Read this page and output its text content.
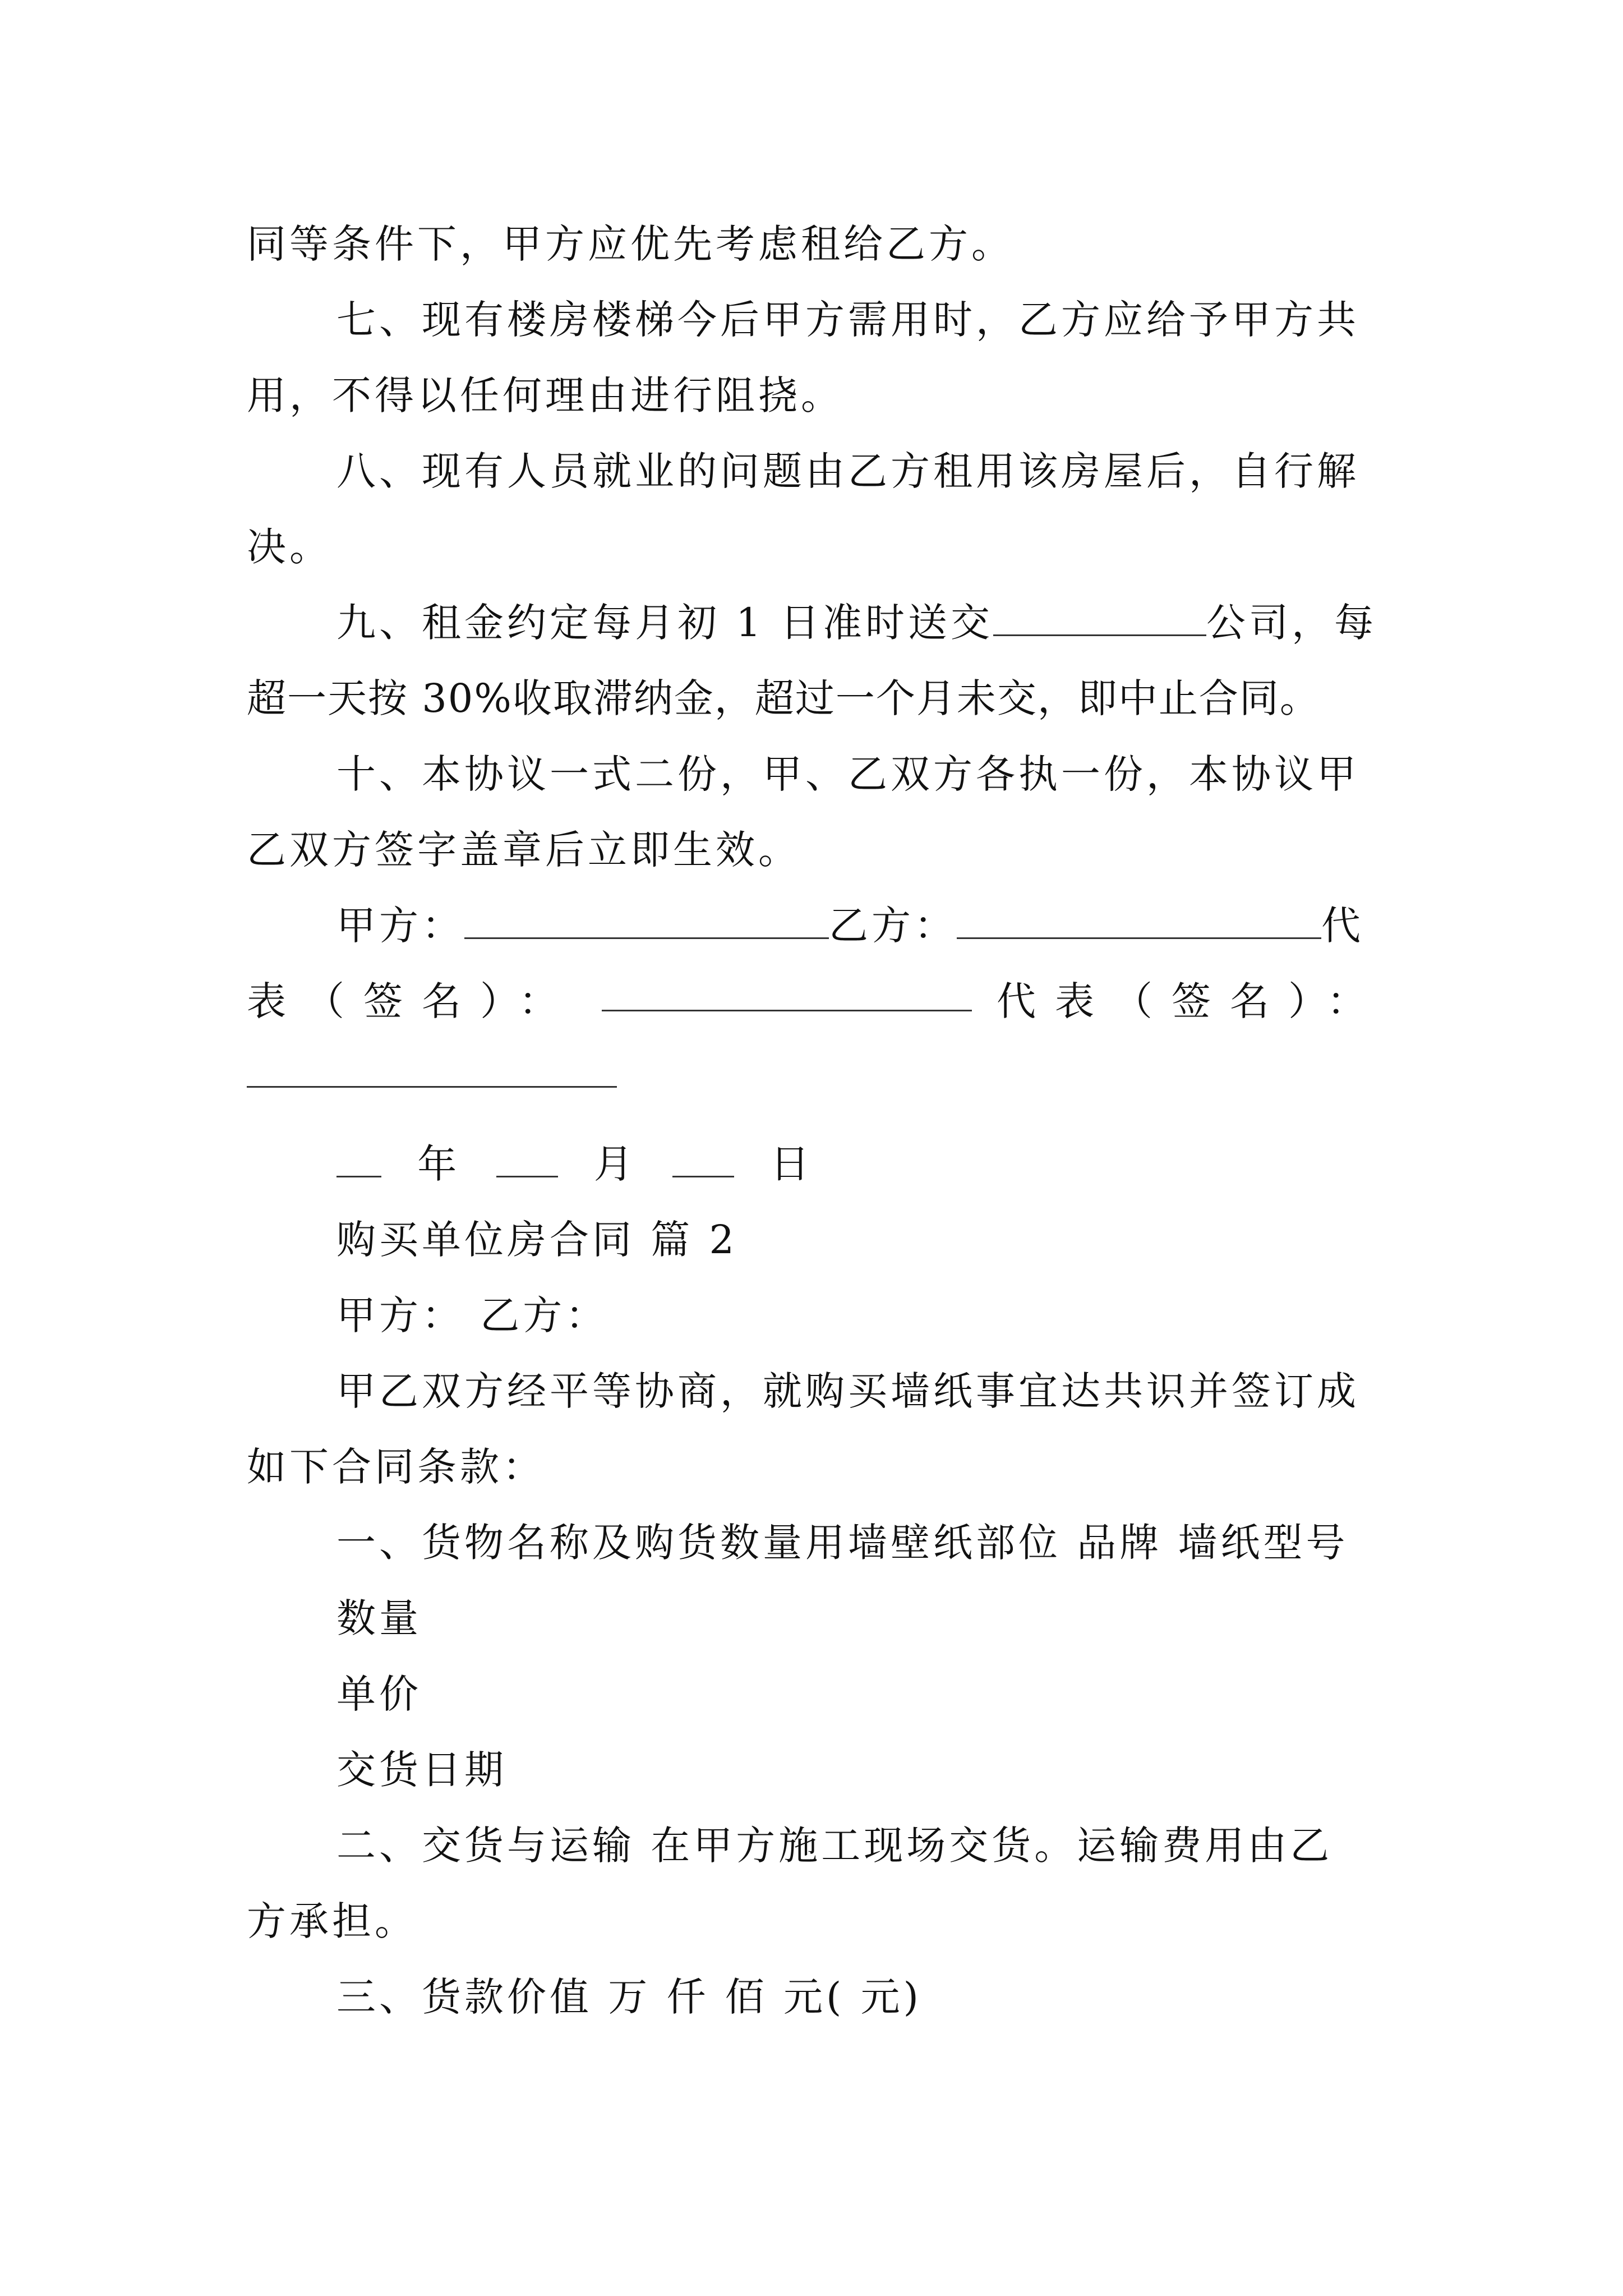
同等条件下，甲方应优先考虑租给乙方。
七、现有楼房楼梯今后甲方需用时，乙方应给予甲方共
用，不得以任何理由进行阻挠。
八、现有人员就业的问题由乙方租用该房屋后，自行解
决。
九、租金约定每月初 1 日准时送交	公司，每
超一天按 30%收取滞纳金，超过一个月未交，即中止合同。
十、本协议一式二份，甲、乙双方各执一份，本协议甲
乙双方签字盖章后立即生效。
甲方：	乙方：	代
表（签名）：	代表（签名）：
年	月	日
购买单位房合同 篇 2
甲方： 乙方：
甲乙双方经平等协商，就购买墙纸事宜达共识并签订成
如下合同条款：
一、货物名称及购货数量用墙壁纸部位 品牌 墙纸型号
数量
单价
交货日期
二、交货与运输 在甲方施工现场交货。运输费用由乙
方承担。
三、货款价值 万 仟 佰 元( 元)
